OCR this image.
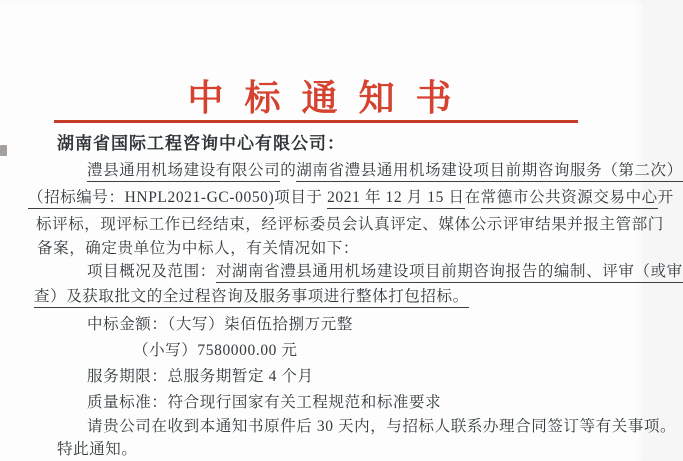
中 标 通 知 书
湖南省国际工程咨询中心有限公司：
澧县通用机场建设有限公司的湖南省澧县通用机场建设项目前期咨询服务（第二次）
（招标编号：HNPL2021-GC-0050)项目于 2021 年 12 月 15 日在常德市公共资源交易中心开
标评标，现评标工作已经结束，经评标委员会认真评定、媒体公示评审结果并报主管部门
备案，确定贵单位为中标人，有关情况如下：
项目概况及范围：对湖南省澧县通用机场建设项目前期咨询报告的编制、评审（或审
查）及获取批文的全过程咨询及服务事项进行整体打包招标。
中标金额：（大写）柒佰伍拾捌万元整
（小写）7580000.00 元
服务期限：总服务期暂定 4 个月
质量标准：符合现行国家有关工程规范和标准要求
请贵公司在收到本通知书原件后 30 天内，与招标人联系办理合同签订等有关事项。
特此通知。
